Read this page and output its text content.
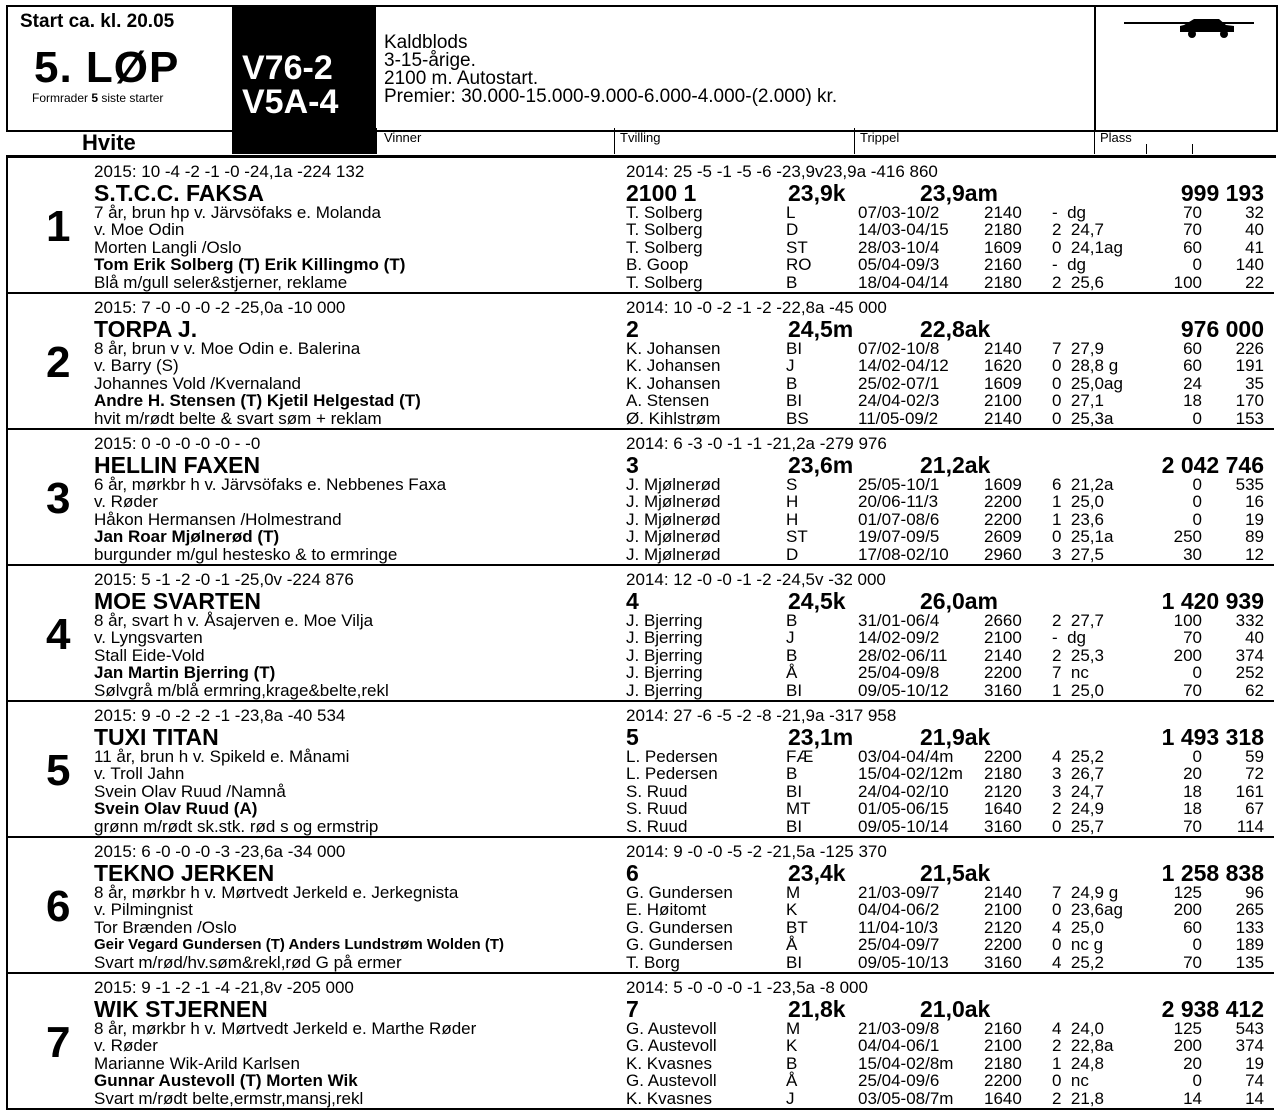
Start ca. kl. 20.05
5. LØP
Formrader 5 siste starter
V76-2
V5A-4
Kaldblods
3-15-årige.
2100 m. Autostart.
Premier: 30.000-15.000-9.000-6.000-4.000-(2.000) kr.
Hvite	Vinner	Tvilling	Trippel	Plass
1
2015: 10 -4 -2 -1 -0 -24,1a -224 132	2014: 25 -5 -1 -5 -6 -23,9v23,9a -416 860
S.T.C.C. FAKSA	2100 1	23,9k	23,9am	999 193
7 år, brun hp v. Järvsöfaks e. Molanda
v. Moe Odin
Morten Langli /Oslo
Tom Erik Solberg (T) Erik Killingmo (T)
Blå m/gull seler&stjerner, reklame
T. Solberg	L	07/03-10/2	2140 -  dg	70	32
T. Solberg	D	14/03-04/15 2180 2  24,7	70	40
T. Solberg	ST	28/03-10/4	1609 0  24,1ag	60	41
B. Goop	RO	05/04-09/3	2160 -  dg	0	140
T. Solberg	B	18/04-04/14 2180 2  25,6	100	22
2
2015: 7 -0 -0 -0 -2 -25,0a -10 000	2014: 10 -0 -2 -1 -2 -22,8a -45 000
TORPA J.	2	24,5m	22,8ak	976 000
8 år, brun v v. Moe Odin e. Balerina
v. Barry (S)
Johannes Vold /Kvernaland
Andre H. Stensen (T) Kjetil Helgestad (T)
hvit m/rødt belte & svart søm + reklam
K. Johansen	BI	07/02-10/8	2140 7  27,9	60	226
K. Johansen	J	14/02-04/12 1620 0  28,8 g	60	191
K. Johansen	B	25/02-07/1	1609 0  25,0ag	24	35
A. Stensen	BI	24/04-02/3	2100 0  27,1	18	170
Ø. Kihlstrøm	BS	11/05-09/2	2140 0  25,3a	0	153
3
2015: 0 -0 -0 -0 -0 - -0	2014: 6 -3 -0 -1 -1 -21,2a -279 976
HELLIN FAXEN	3	23,6m	21,2ak	2 042 746
6 år, mørkbr h v. Järvsöfaks e. Nebbenes Faxa
v. Røder
Håkon Hermansen /Holmestrand
Jan Roar Mjølnerød (T)
burgunder m/gul hestesko & to ermringe
J. Mjølnerød	S	25/05-10/1	1609 6  21,2a	0	535
J. Mjølnerød	H	20/06-11/3	2200 1  25,0	0	16
J. Mjølnerød	H	01/07-08/6	2200 1  23,6	0	19
J. Mjølnerød	ST	19/07-09/5	2609 0  25,1a	250	89
J. Mjølnerød	D	17/08-02/10 2960 3  27,5	30	12
4
2015: 5 -1 -2 -0 -1 -25,0v -224 876	2014: 12 -0 -0 -1 -2 -24,5v -32 000
MOE SVARTEN	4	24,5k	26,0am	1 420 939
8 år, svart h v. Åsajerven e. Moe Vilja
v. Lyngsvarten
Stall Eide-Vold
Jan Martin Bjerring (T)
Sølvgrå m/blå ermring,krage&belte,rekl
J. Bjerring	B	31/01-06/4	2660 2  27,7	100	332
J. Bjerring	J	14/02-09/2	2100 -  dg	70	40
J. Bjerring	B	28/02-06/11 2140 2  25,3	200	374
J. Bjerring	Å	25/04-09/8	2200 7  nc	0	252
J. Bjerring	BI	09/05-10/12 3160 1  25,0	70	62
5
2015: 9 -0 -2 -2 -1 -23,8a -40 534	2014: 27 -6 -5 -2 -8 -21,9a -317 958
TUXI TITAN	5	23,1m	21,9ak	1 493 318
11 år, brun h v. Spikeld e. Månami
v. Troll Jahn
Svein Olav Ruud /Namnå
Svein Olav Ruud (A)
grønn m/rødt sk.stk. rød s og ermstrip
L. Pedersen	FÆ	03/04-04/4m 2200 4  25,2	0	59
L. Pedersen	B	15/04-02/12m 2180 3  26,7	20	72
S. Ruud	BI	24/04-02/10 2120 3  24,7	18	161
S. Ruud	MT	01/05-06/15 1640 2  24,9	18	67
S. Ruud	BI	09/05-10/14 3160 0  25,7	70	114
6
2015: 6 -0 -0 -0 -3 -23,6a -34 000	2014: 9 -0 -0 -5 -2 -21,5a -125 370
TEKNO JERKEN	6	23,4k	21,5ak	1 258 838
8 år, mørkbr h v. Mørtvedt Jerkeld e. Jerkegnista
v. Pilmingnist
Tor Brænden /Oslo
Geir Vegard Gundersen (T) Anders Lundstrøm Wolden (T)
Svart m/rød/hv.søm&rekl,rød G på ermer
G. Gundersen	M	21/03-09/7	2140 7  24,9 g	125	96
E. Høitomt	K	04/04-06/2	2100 0  23,6ag	200	265
G. Gundersen	BT	11/04-10/3	2120 4  25,0	60	133
G. Gundersen	Å	25/04-09/7	2200 0  nc g	0	189
T. Borg	BI	09/05-10/13 3160 4  25,2	70	135
7
2015: 9 -1 -2 -1 -4 -21,8v -205 000	2014: 5 -0 -0 -0 -1 -23,5a -8 000
WIK STJERNEN	7	21,8k	21,0ak	2 938 412
8 år, mørkbr h v. Mørtvedt Jerkeld e. Marthe Røder
v. Røder
Marianne Wik-Arild Karlsen
Gunnar Austevoll (T) Morten Wik
Svart m/rødt belte,ermstr,mansj,rekl
G. Austevoll	M	21/03-09/8	2160 4  24,0	125	543
G. Austevoll	K	04/04-06/1	2100 2  22,8a	200	374
K. Kvasnes	B	15/04-02/8m 2180 1  24,8	20	19
G. Austevoll	Å	25/04-09/6	2200 0  nc	0	74
K. Kvasnes	J	03/05-08/7m 1640 2  21,8	14	14
